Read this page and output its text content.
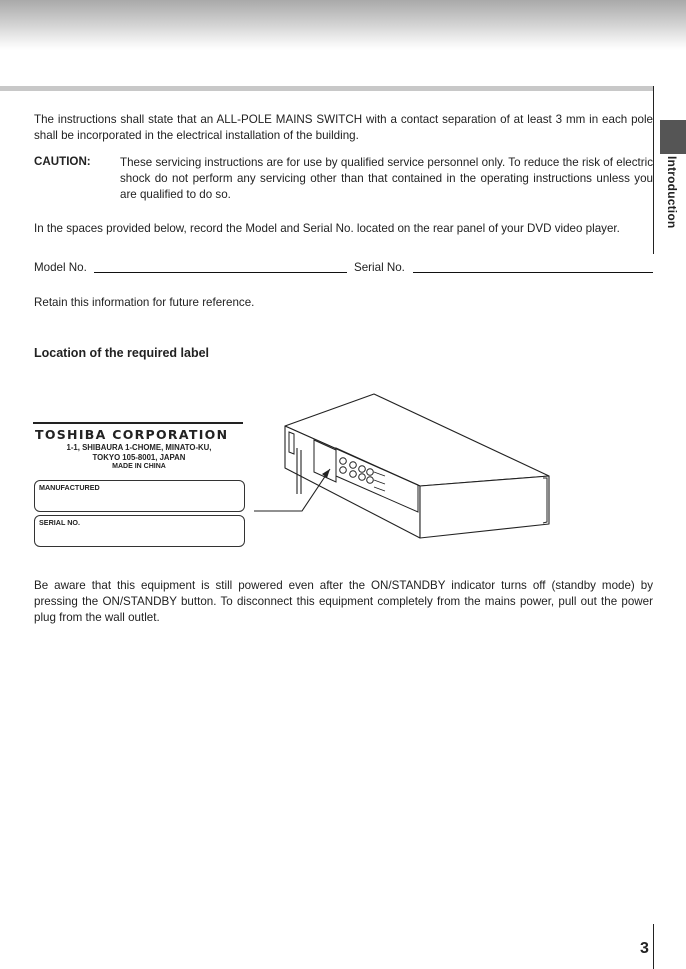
Introduction

The instructions shall state that an ALL-POLE MAINS SWITCH with a contact separation of at least 3 mm in each pole shall be incorporated in the electrical installation of the building.

CAUTION:	These servicing instructions are for use by qualified service personnel only. To reduce the risk of electric shock do not perform any servicing other than that contained in the operating instructions unless you are qualified to do so.

In the spaces provided below, record the Model and Serial No. located on the rear panel of your DVD video player.

Model No.	Serial No.

Retain this information for future reference.

Location of the required label
TOSHIBA CORPORATION
1-1, SHIBAURA 1-CHOME, MINATO-KU,
TOKYO 105-8001, JAPAN
MADE IN CHINA
MANUFACTURED
SERIAL NO.

Be aware that this equipment is still powered even after the ON/STANDBY indicator turns off (standby mode) by pressing the ON/STANDBY button. To disconnect this equipment completely from the mains power, pull out the power plug from the wall outlet.

3
